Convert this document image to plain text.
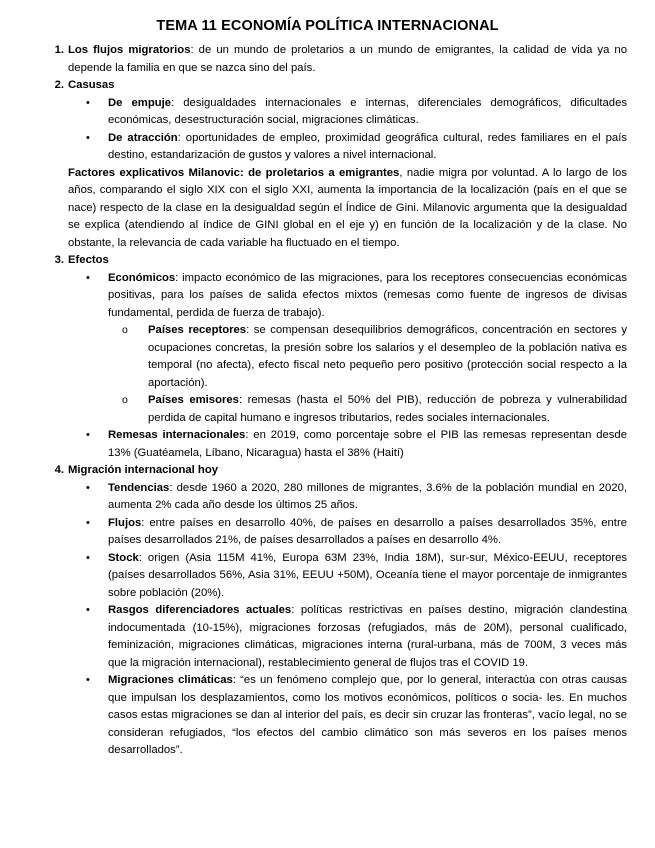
TEMA 11 ECONOMÍA POLÍTICA INTERNACIONAL
1. Los flujos migratorios: de un mundo de proletarios a un mundo de emigrantes, la calidad de vida ya no depende la familia en que se nazca sino del país.
2. Casusas
• De empuje: desigualdades internacionales e internas, diferenciales demográficos, dificultades económicas, desestructuración social, migraciones climáticas.
• De atracción: oportunidades de empleo, proximidad geográfica cultural, redes familiares en el país destino, estandarización de gustos y valores a nivel internacional.
Factores explicativos Milanovic: de proletarios a emigrantes, nadie migra por voluntad. A lo largo de los años, comparando el siglo XIX con el siglo XXI, aumenta la importancia de la localización (país en el que se nace) respecto de la clase en la desigualdad según el Índice de Gini. Milanovic argumenta que la desigualdad se explica (atendiendo al índice de GINI global en el eje y) en función de la localización y de la clase. No obstante, la relevancia de cada variable ha fluctuado en el tiempo.
3. Efectos
• Económicos: impacto económico de las migraciones, para los receptores consecuencias económicas positivas, para los países de salida efectos mixtos (remesas como fuente de ingresos de divisas fundamental, perdida de fuerza de trabajo).
o Países receptores: se compensan desequilibrios demográficos, concentración en sectores y ocupaciones concretas, la presión sobre los salarios y el desempleo de la población nativa es temporal (no afecta), efecto fiscal neto pequeño pero positivo (protección social respecto a la aportación).
o Países emisores: remesas (hasta el 50% del PIB), reducción de pobreza y vulnerabilidad perdida de capital humano e ingresos tributarios, redes sociales internacionales.
• Remesas internacionales: en 2019, como porcentaje sobre el PIB las remesas representan desde 13% (Guatéamela, Líbano, Nicaragua) hasta el 38% (Haití)
4. Migración internacional hoy
• Tendencias: desde 1960 a 2020, 280 millones de migrantes, 3.6% de la población mundial en 2020, aumenta 2% cada año desde los últimos 25 años.
• Flujos: entre países en desarrollo 40%, de países en desarrollo a países desarrollados 35%, entre países desarrollados 21%, de países desarrollados a países en desarrollo 4%.
• Stock: origen (Asia 115M 41%, Europa 63M 23%, India 18M), sur-sur, México-EEUU, receptores (países desarrollados 56%, Asia 31%, EEUU +50M), Oceanía tiene el mayor porcentaje de inmigrantes sobre población (20%).
• Rasgos diferenciadores actuales: políticas restrictivas en países destino, migración clandestina indocumentada (10-15%), migraciones forzosas (refugiados, más de 20M), personal cualificado, feminización, migraciones climáticas, migraciones interna (rural-urbana, más de 700M, 3 veces más que la migración internacional), restablecimiento general de flujos tras el COVID 19.
• Migraciones climáticas: “es un fenómeno complejo que, por lo general, interactúa con otras causas que impulsan los desplazamientos, como los motivos económicos, políticos o socia- les. En muchos casos estas migraciones se dan al interior del país, es decir sin cruzar las fronteras”, vacío legal, no se consideran refugiados, “los efectos del cambio climático son más severos en los países menos desarrollados”.
